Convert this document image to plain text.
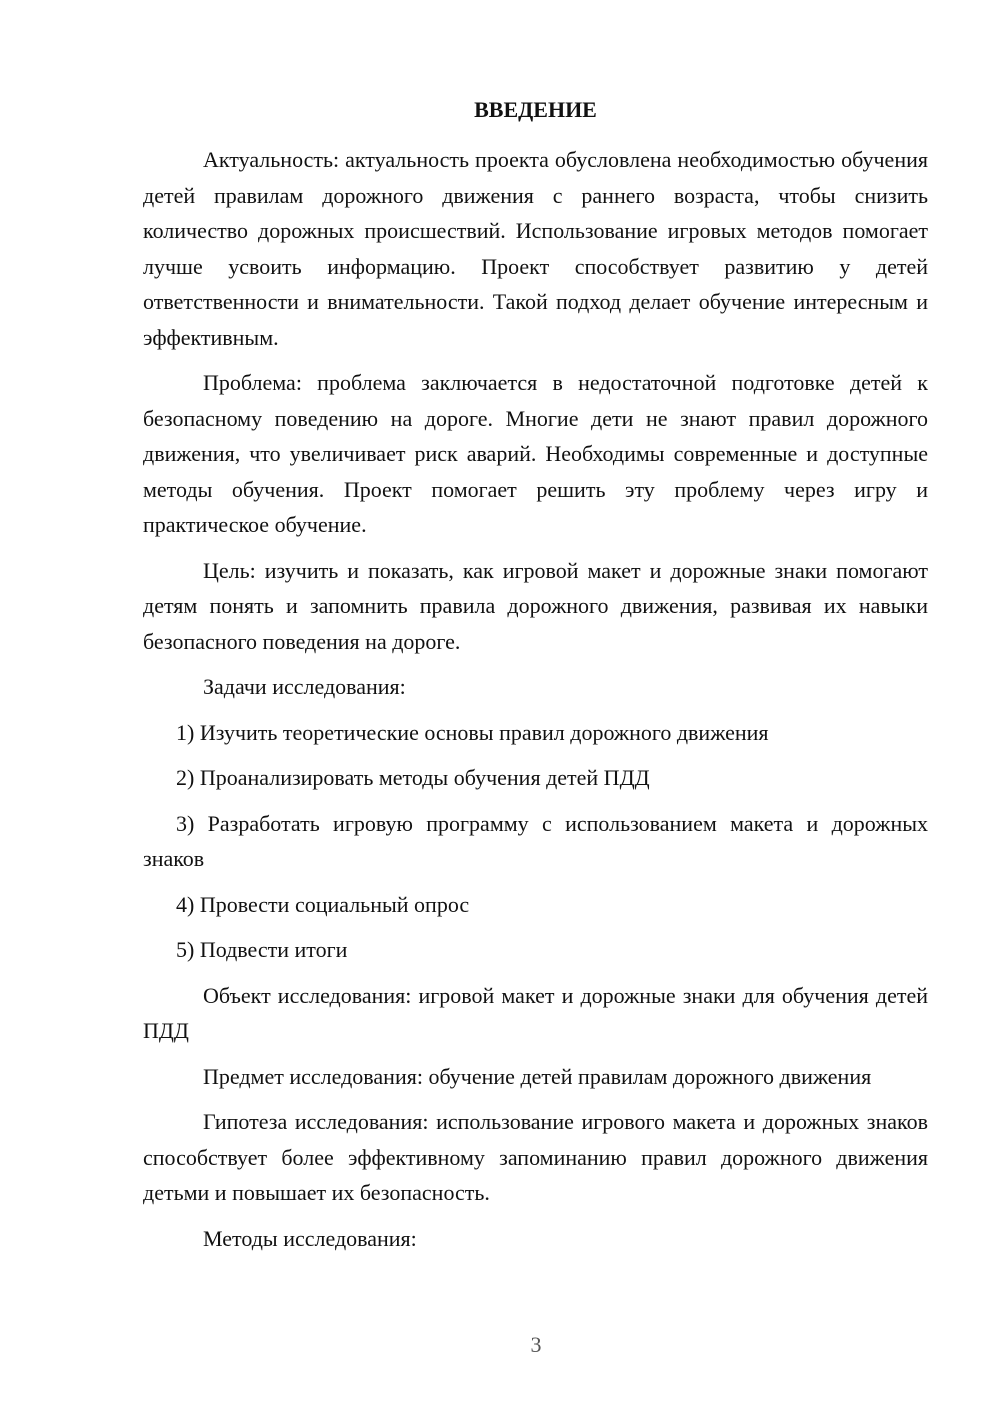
ВВЕДЕНИЕ

Актуальность: актуальность проекта обусловлена необходимостью обучения детей правилам дорожного движения с раннего возраста, чтобы снизить количество дорожных происшествий. Использование игровых методов помогает лучше усвоить информацию. Проект способствует развитию у детей ответственности и внимательности. Такой подход делает обучение интересным и эффективным.

Проблема: проблема заключается в недостаточной подготовке детей к безопасному поведению на дороге. Многие дети не знают правил дорожного движения, что увеличивает риск аварий. Необходимы современные и доступные методы обучения. Проект помогает решить эту проблему через игру и практическое обучение.

Цель: изучить и показать, как игровой макет и дорожные знаки помогают детям понять и запомнить правила дорожного движения, развивая их навыки безопасного поведения на дороге.

Задачи исследования:

1) Изучить теоретические основы правил дорожного движения

2) Проанализировать методы обучения детей ПДД

3) Разработать игровую программу с использованием макета и дорожных знаков

4) Провести социальный опрос

5) Подвести итоги

Объект исследования: игровой макет и дорожные знаки для обучения детей ПДД

Предмет исследования: обучение детей правилам дорожного движения

Гипотеза исследования: использование игрового макета и дорожных знаков способствует более эффективному запоминанию правил дорожного движения детьми и повышает их безопасность.

Методы исследования:

3
